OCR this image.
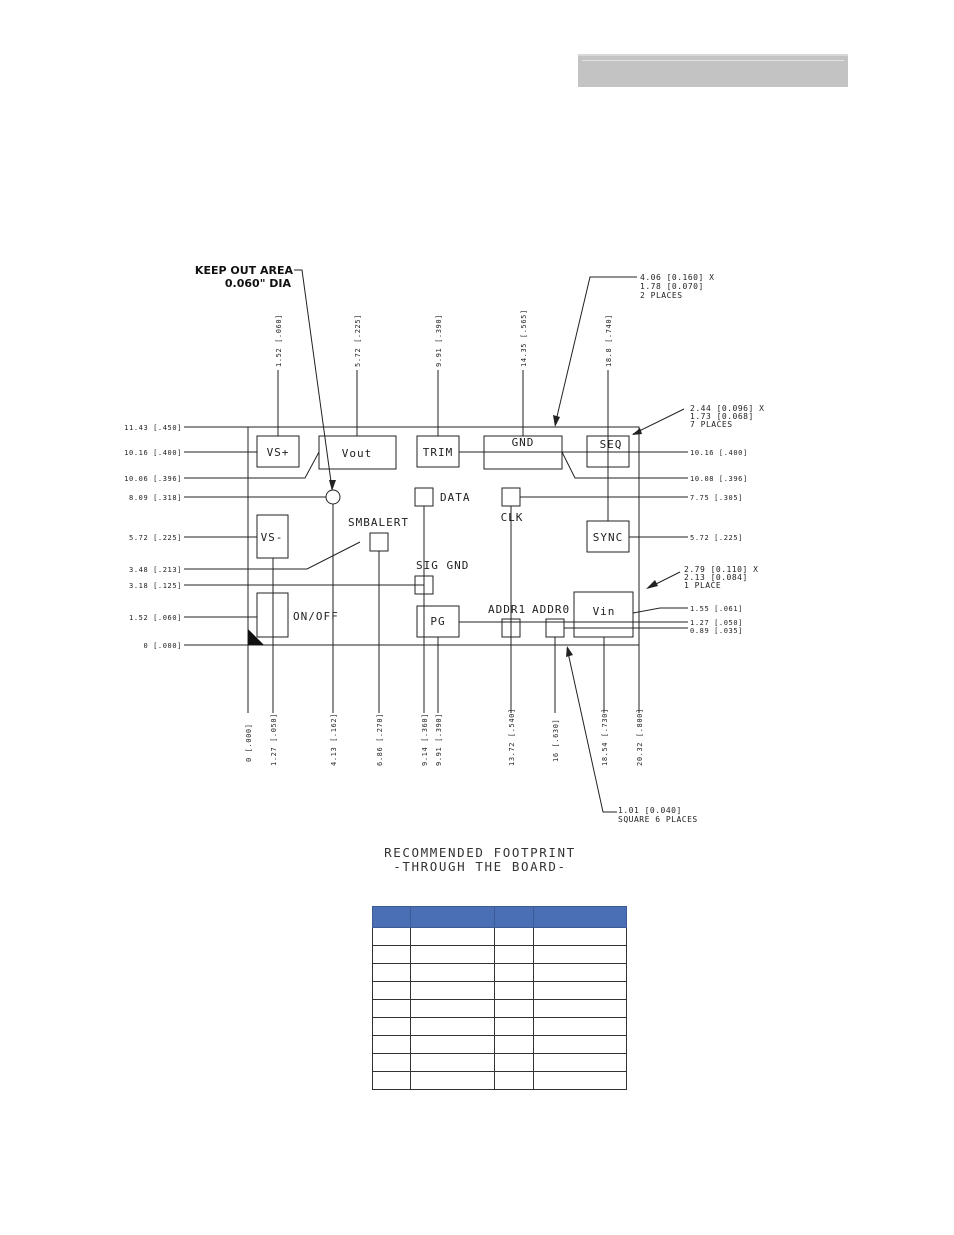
KEEP OUT AREA
0.060" DIA	4.06 [0.160] X
1.78 [0.070]
2 PLACES
2.44 [0.096] X
1.73 [0.068]
7 PLACES
2.79 [0.110] X
2.13 [0.084]
1 PLACE
1.01 [0.040]
SQUARE 6 PLACES
VS+	Vout	TRIM
GND	SEQ
DATA
CLK
VS-
SMBALERT
SYNC
SIG GND
ON/OFF	PG
ADDR1 ADDR0 Vin
1.52 [.060]	5.72 [.225]	9.91 [.390]	14.35 [.565]	18.8 [.740]
11.43 [.450]
10.16 [.400]
10.06 [.396]
8.09 [.318]
5.72 [.225]
3.48 [.213]
3.18 [.125]
1.52 [.060]
0 [.000]
10.16 [.400]
10.08 [.396]
7.75 [.305]
5.72 [.225]
1.55 [.061]
1.27 [.050]
0.89 [.035]
0 [.000] 1.27 [.050]	4.13 [.162]	6.86 [.270]	9.14 [.360] 9.91 [.390]	13.72 [.540]	16 [.630]	18.54 [.730]	20.32 [.800]
RECOMMENDED FOOTPRINT
-THROUGH THE BOARD-
